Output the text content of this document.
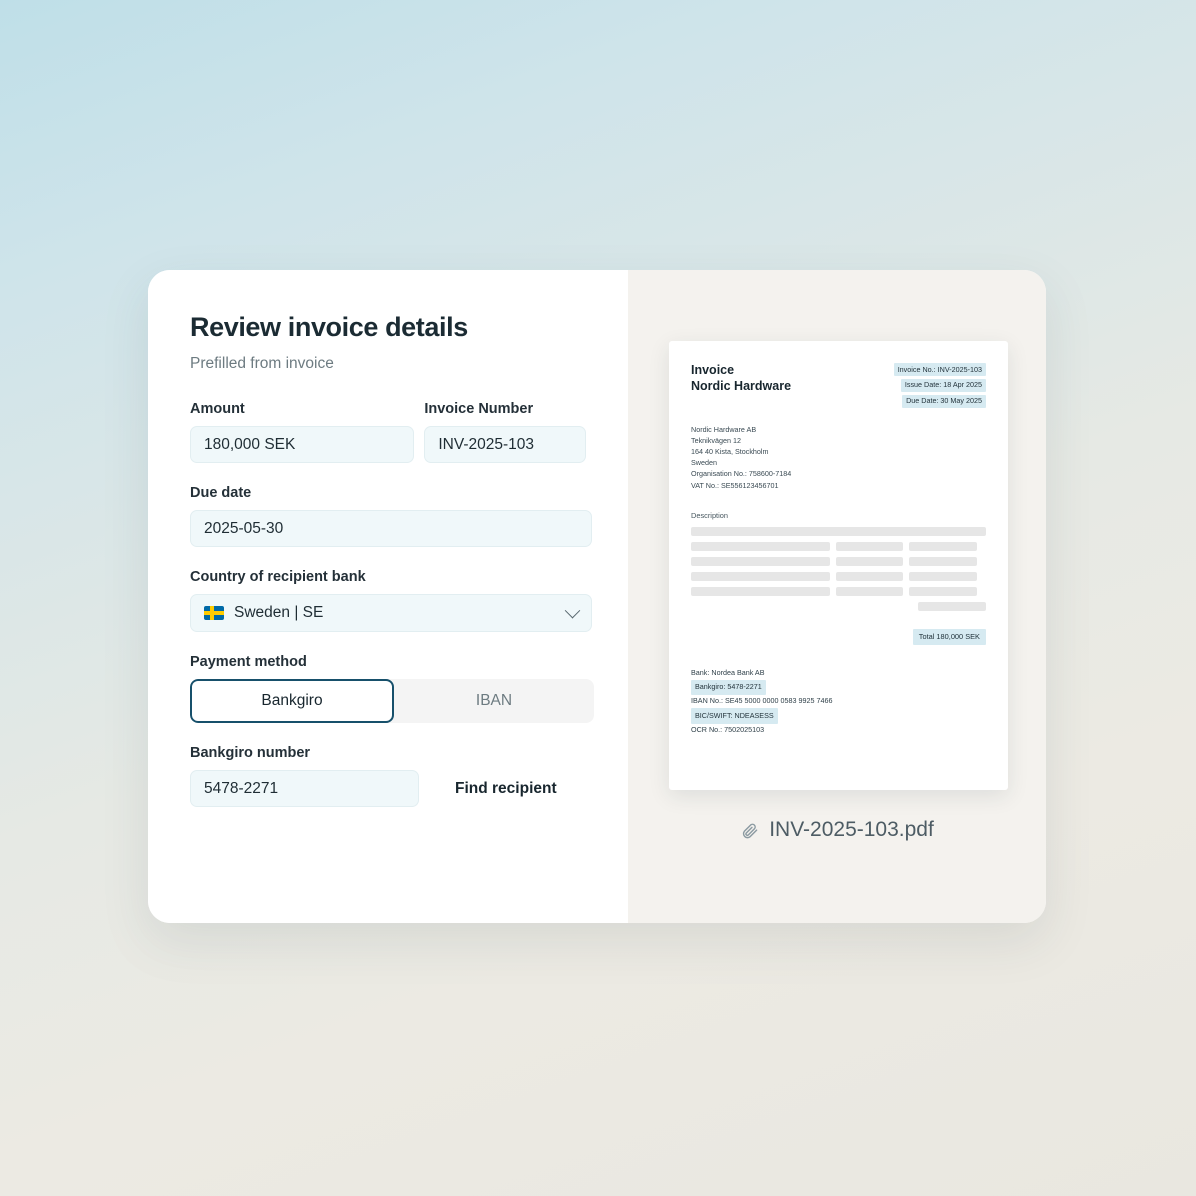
Review invoice details
Prefilled from invoice
Amount
180,000 SEK
Invoice Number
INV-2025-103
Due date
2025-05-30
Country of recipient bank
Sweden | SE
Payment method
Bankgiro	IBAN
Bankgiro number
5478-2271	Find recipient
Invoice
Nordic Hardware
Invoice No.: INV-2025-103
Issue Date: 18 Apr 2025
Due Date: 30 May 2025
Nordic Hardware AB
Teknikvägen 12
164 40 Kista, Stockholm
Sweden
Organisation No.: 758600-7184
VAT No.: SE556123456701
Description
Total 180,000 SEK
Bank: Nordea Bank AB
Bankgiro: 5478-2271
IBAN No.: SE45 5000 0000 0583 9925 7466
BIC/SWIFT: NDEASESS
OCR No.: 7502025103
INV-2025-103.pdf
